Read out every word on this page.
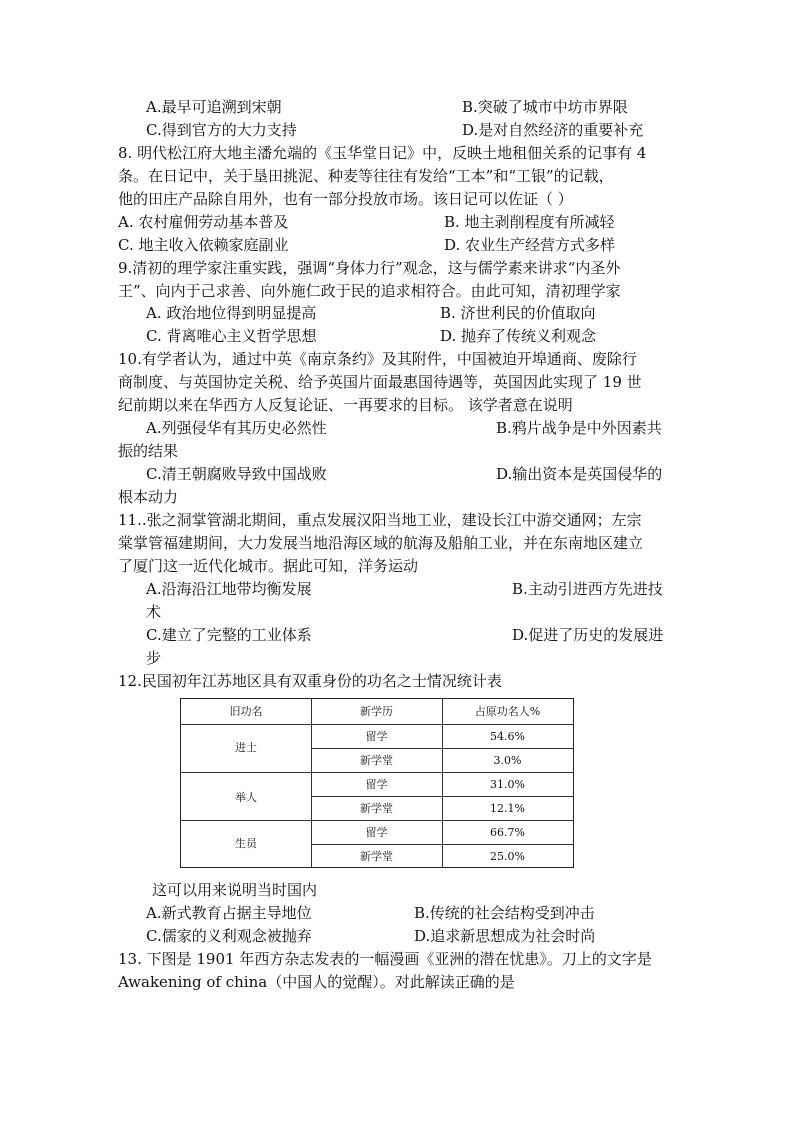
A.最早可追溯到宋朝	B.突破了城市中坊市界限
C.得到官方的大力支持	D.是对自然经济的重要补充
8. 明代松江府大地主潘允端的《玉华堂日记》中，反映土地租佃关系的记事有 4
条。在日记中，关于垦田挑泥、种麦等往往有发给“工本”和“工银”的记载，
他的田庄产品除自用外，也有一部分投放市场。该日记可以佐证（ ）
A. 农村雇佣劳动基本普及	B. 地主剥削程度有所减轻
C. 地主收入依赖家庭副业	D. 农业生产经营方式多样
9.清初的理学家注重实践，强调“身体力行”观念，这与儒学素来讲求“内圣外
王”、向内于己求善、向外施仁政于民的追求相符合。由此可知，清初理学家
A. 政治地位得到明显提高	B. 济世利民的价值取向
C. 背离唯心主义哲学思想	D. 抛弃了传统义利观念
10.有学者认为，通过中英《南京条约》及其附件，中国被迫开埠通商、废除行
商制度、与英国协定关税、给予英国片面最惠国待遇等，英国因此实现了 19 世
纪前期以来在华西方人反复论证、一再要求的目标。 该学者意在说明
A.列强侵华有其历史必然性	B.鸦片战争是中外因素共
振的结果
C.清王朝腐败导致中国战败	D.输出资本是英国侵华的
根本动力
11..张之洞掌管湖北期间，重点发展汉阳当地工业，建设长江中游交通网；左宗
棠掌管福建期间，大力发展当地沿海区域的航海及船舶工业，并在东南地区建立
了厦门这一近代化城市。据此可知，洋务运动
A.沿海沿江地带均衡发展	B.主动引进西方先进技
术
C.建立了完整的工业体系	D.促进了历史的发展进
步
12.民国初年江苏地区具有双重身份的功名之士情况统计表
旧功名	新学历	占原功名人%
进士
留学	54.6%
新学堂	3.0%
举人
留学	31.0%
新学堂	12.1%
生员
留学	66.7%
新学堂	25.0%
这可以用来说明当时国内
A.新式教育占据主导地位	B.传统的社会结构受到冲击
C.儒家的义利观念被抛弃	D.追求新思想成为社会时尚
13. 下图是 1901 年西方杂志发表的一幅漫画《亚洲的潜在忧患》。刀上的文字是
Awakening of china（中国人的觉醒）。对此解读正确的是
